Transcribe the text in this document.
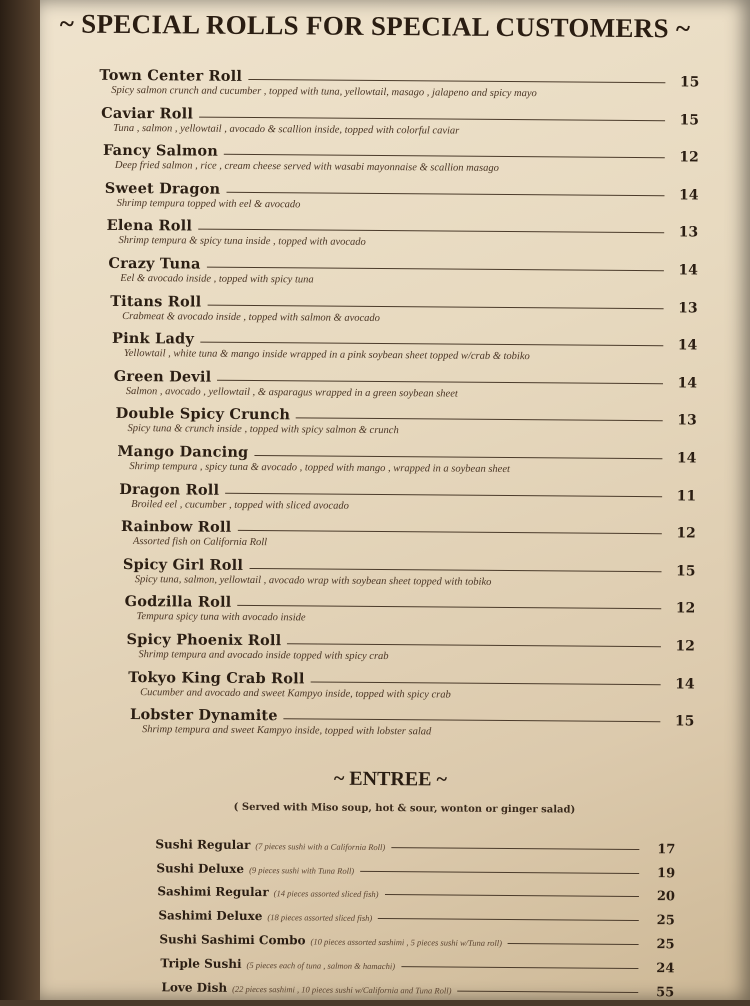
~ SPECIAL ROLLS FOR SPECIAL CUSTOMERS ~
Town Center Roll	15
Spicy salmon crunch and cucumber , topped with tuna, yellowtail, masago , jalapeno and spicy mayo
Caviar Roll	15
Tuna , salmon , yellowtail , avocado & scallion inside, topped with colorful caviar
Fancy Salmon	12
Deep fried salmon , rice , cream cheese served with wasabi mayonnaise & scallion masago
Sweet Dragon	14
Shrimp tempura topped with eel & avocado
Elena Roll	13
Shrimp tempura & spicy tuna inside , topped with avocado
Crazy Tuna	14
Eel & avocado inside , topped with spicy tuna
Titans Roll	13
Crabmeat & avocado inside , topped with salmon & avocado
Pink Lady	14
Yellowtail , white tuna & mango inside wrapped in a pink soybean sheet topped w/crab & tobiko
Green Devil	14
Salmon , avocado , yellowtail , & asparagus wrapped in a green soybean sheet
Double Spicy Crunch	13
Spicy tuna & crunch inside , topped with spicy salmon & crunch
Mango Dancing	14
Shrimp tempura , spicy tuna & avocado , topped with mango , wrapped in a soybean sheet
Dragon Roll	11
Broiled eel , cucumber , topped with sliced avocado
Rainbow Roll	12
Assorted fish on California Roll
Spicy Girl Roll	15
Spicy tuna, salmon, yellowtail , avocado wrap with soybean sheet topped with tobiko
Godzilla Roll	12
Tempura spicy tuna with avocado inside
Spicy Phoenix Roll	12
Shrimp tempura and avocado inside topped with spicy crab
Tokyo King Crab Roll	14
Cucumber and avocado and sweet Kampyo inside, topped with spicy crab
Lobster Dynamite	15
Shrimp tempura and sweet Kampyo inside, topped with lobster salad
~ ENTREE ~
( Served with Miso soup, hot & sour, wonton or ginger salad)
Sushi Regular (7 pieces sushi with a California Roll)	17
Sushi Deluxe (9 pieces sushi with Tuna Roll)	19
Sashimi Regular (14 pieces assorted sliced fish)	20
Sashimi Deluxe (18 pieces assorted sliced fish)	25
Sushi Sashimi Combo (10 pieces assorted sashimi , 5 pieces sushi w/Tuna roll)	25
Triple Sushi (5 pieces each of tuna , salmon & hamachi)	24
Love Dish (22 pieces sashimi , 10 pieces sushi w/California and Tuna Roll)	55
